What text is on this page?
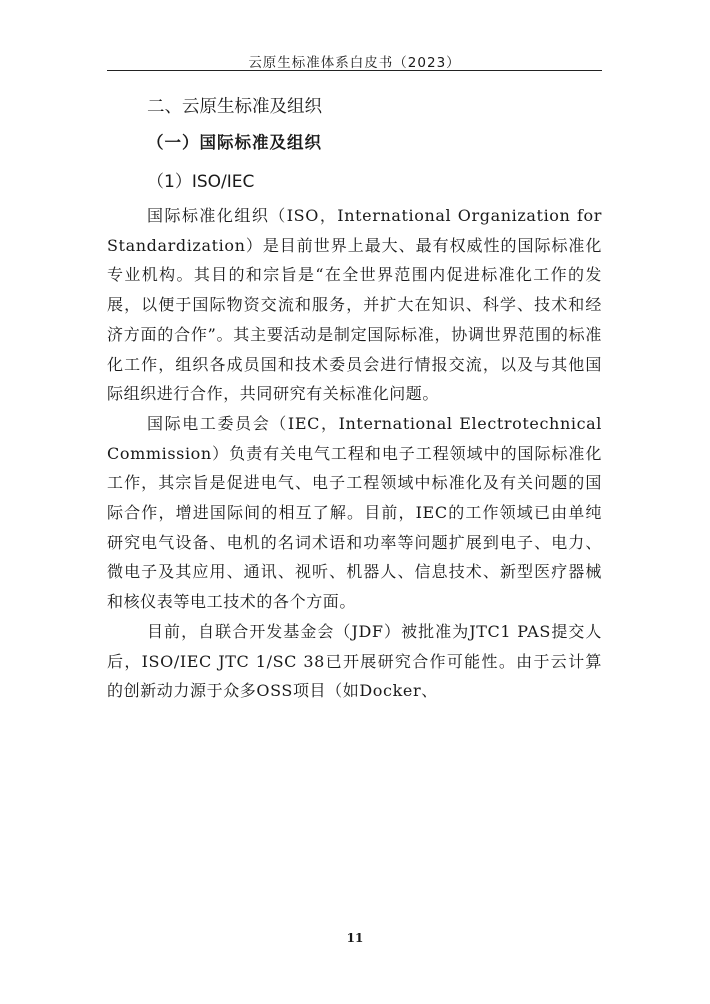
云原生标准体系白皮书（2023）
二、云原生标准及组织
（一）国际标准及组织
（1）ISO/IEC

国际标准化组织（ISO，International Organization for Standardization）是目前世界上最大、最有权威性的国际标准化专业机构。其目的和宗旨是“在全世界范围内促进标准化工作的发展，以便于国际物资交流和服务，并扩大在知识、科学、技术和经济方面的合作”。其主要活动是制定国际标准，协调世界范围的标准化工作，组织各成员国和技术委员会进行情报交流，以及与其他国际组织进行合作，共同研究有关标准化问题。

国际电工委员会（IEC，International Electrotechnical Commission）负责有关电气工程和电子工程领域中的国际标准化工作，其宗旨是促进电气、电子工程领域中标准化及有关问题的国际合作，增进国际间的相互了解。目前，IEC的工作领域已由单纯研究电气设备、电机的名词术语和功率等问题扩展到电子、电力、微电子及其应用、通讯、视听、机器人、信息技术、新型医疗器械和核仪表等电工技术的各个方面。

目前，自联合开发基金会（JDF）被批准为JTC1 PAS提交人后，ISO/IEC JTC 1/SC 38已开展研究合作可能性。由于云计算的创新动力源于众多OSS项目（如Docker、

11
